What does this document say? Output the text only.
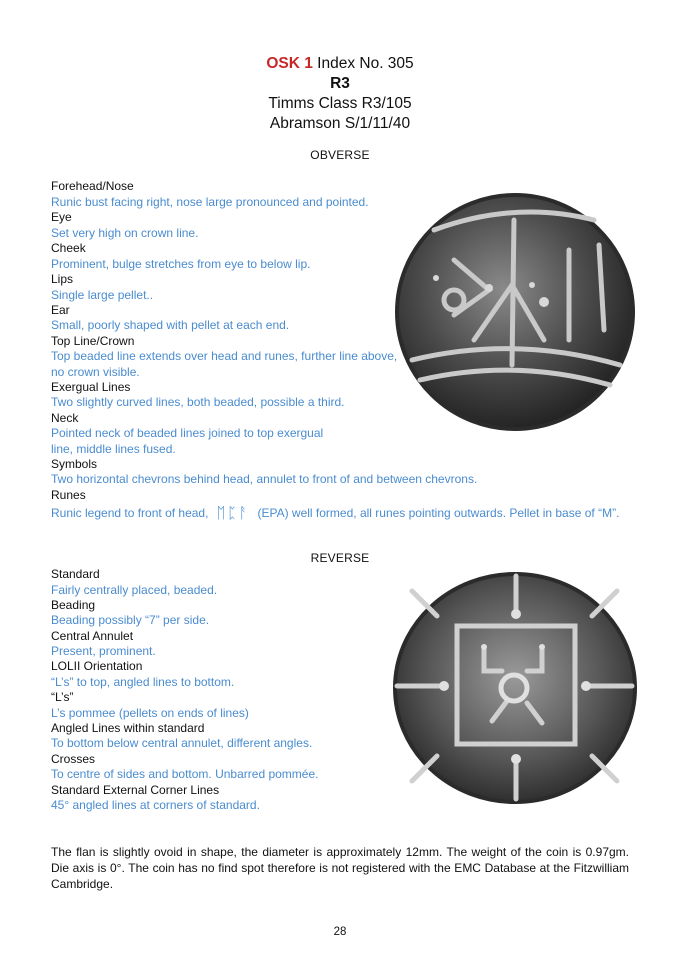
OSK 1 Index No. 305
R3
Timms Class R3/105
Abramson S/1/11/40
OBVERSE
Forehead/Nose
Runic bust facing right, nose large pronounced and pointed.
Eye
Set very high on crown line.
Cheek
Prominent, bulge stretches from eye to below lip.
Lips
Single large pellet..
Ear
Small, poorly shaped with pellet at each end.
Top Line/Crown
Top beaded line extends over head and runes, further line above,
no crown visible.
Exergual Lines
Two slightly curved lines, both beaded, possible a third.
Neck
Pointed neck of beaded lines joined to top exergual
line, middle lines fused.
Symbols
Two horizontal chevrons behind head, annulet to front of and between chevrons.
Runes
Runic legend to front of head, ᛖᛈᚨ (EPA) well formed, all runes pointing outwards. Pellet in base of “M”.
REVERSE
Standard
Fairly centrally placed, beaded.
Beading
Beading possibly “7” per side.
Central Annulet
Present, prominent.
LOLII Orientation
“L’s” to top, angled lines to bottom.
“L’s”
L’s pommee (pellets on ends of lines)
Angled Lines within standard
To bottom below central annulet, different angles.
Crosses
To centre of sides and bottom. Unbarred pommée.
Standard External Corner Lines
45° angled lines at corners of standard.

The flan is slightly ovoid in shape, the diameter is approximately 12mm. The weight of the coin is 0.97gm. Die axis is 0°. The coin has no find spot therefore is not registered with the EMC Database at the Fitzwilliam Cambridge.

28
